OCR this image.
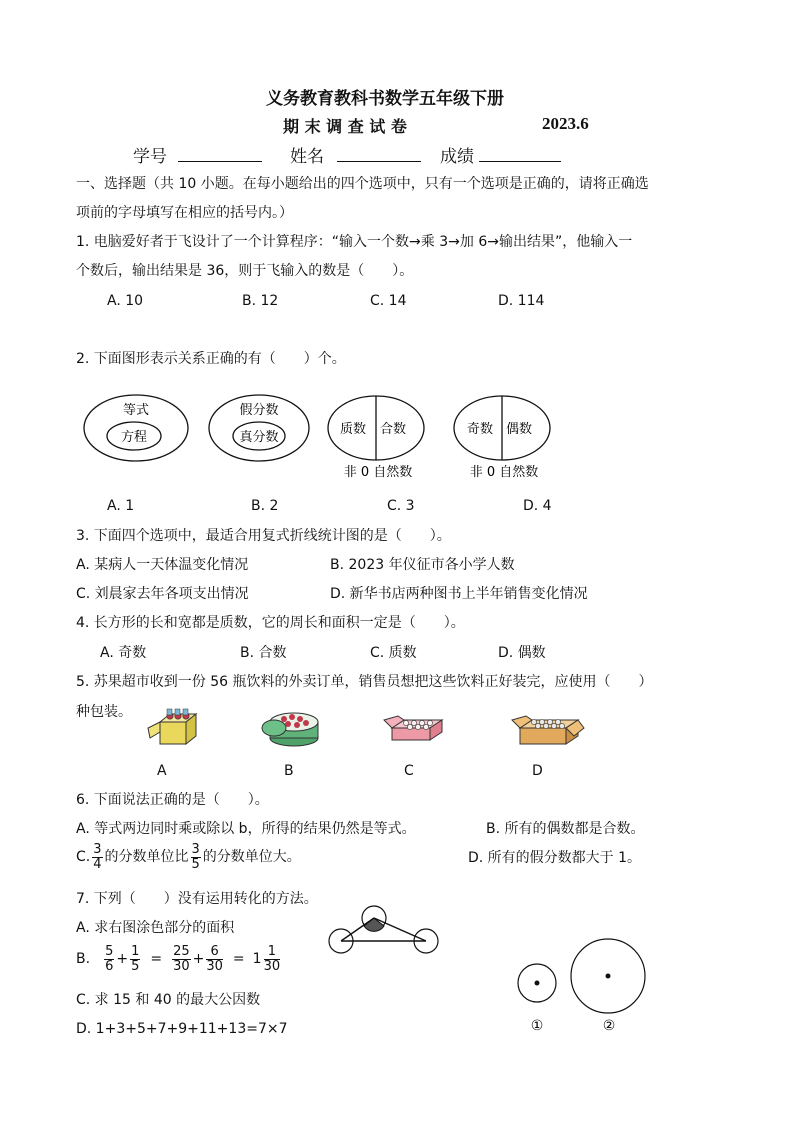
义务教育教科书数学五年级下册
期 末 调 查 试 卷	2023.6
学号	姓名	成绩
一、选择题（共 10 小题。在每小题给出的四个选项中，只有一个选项是正确的，请将正确选
项前的字母填写在相应的括号内。）
1. 电脑爱好者于飞设计了一个计算程序：“输入一个数→乘 3→加 6→输出结果”，他输入一
个数后，输出结果是 36，则于飞输入的数是（　　）。
A. 10	B. 12	C. 14	D. 114
2. 下面图形表示关系正确的有（　　）个。
等式
方程
假分数
真分数
质数 合数
非 0 自然数
奇数 偶数
非 0 自然数
A. 1	B. 2	C. 3	D. 4
3. 下面四个选项中，最适合用复式折线统计图的是（　　）。
A. 某病人一天体温变化情况	B. 2023 年仪征市各小学人数
C. 刘晨家去年各项支出情况	D. 新华书店两种图书上半年销售变化情况
4. 长方形的长和宽都是质数，它的周长和面积一定是（　　）。
A. 奇数	B. 合数	C. 质数	D. 偶数
5. 苏果超市收到一份 56 瓶饮料的外卖订单，销售员想把这些饮料正好装完，应使用（　　）
种包装。
A	B	C	D
6. 下面说法正确的是（　　）。
A. 等式两边同时乘或除以 b，所得的结果仍然是等式。	B. 所有的偶数都是合数。
C. $\frac{3}{4}$ 的分数单位比 $\frac{3}{5}$ 的分数单位大。	D. 所有的假分数都大于 1。
7. 下列（　　）没有运用转化的方法。
A. 求右图涂色部分的面积
B. $\frac{5}{6} + \frac{1}{5} = \frac{25}{30} + \frac{6}{30} = 1 \frac{1}{30}$
C. 求 15 和 40 的最大公因数
D. 1+3+5+7+9+11+13=7×7	①	②
